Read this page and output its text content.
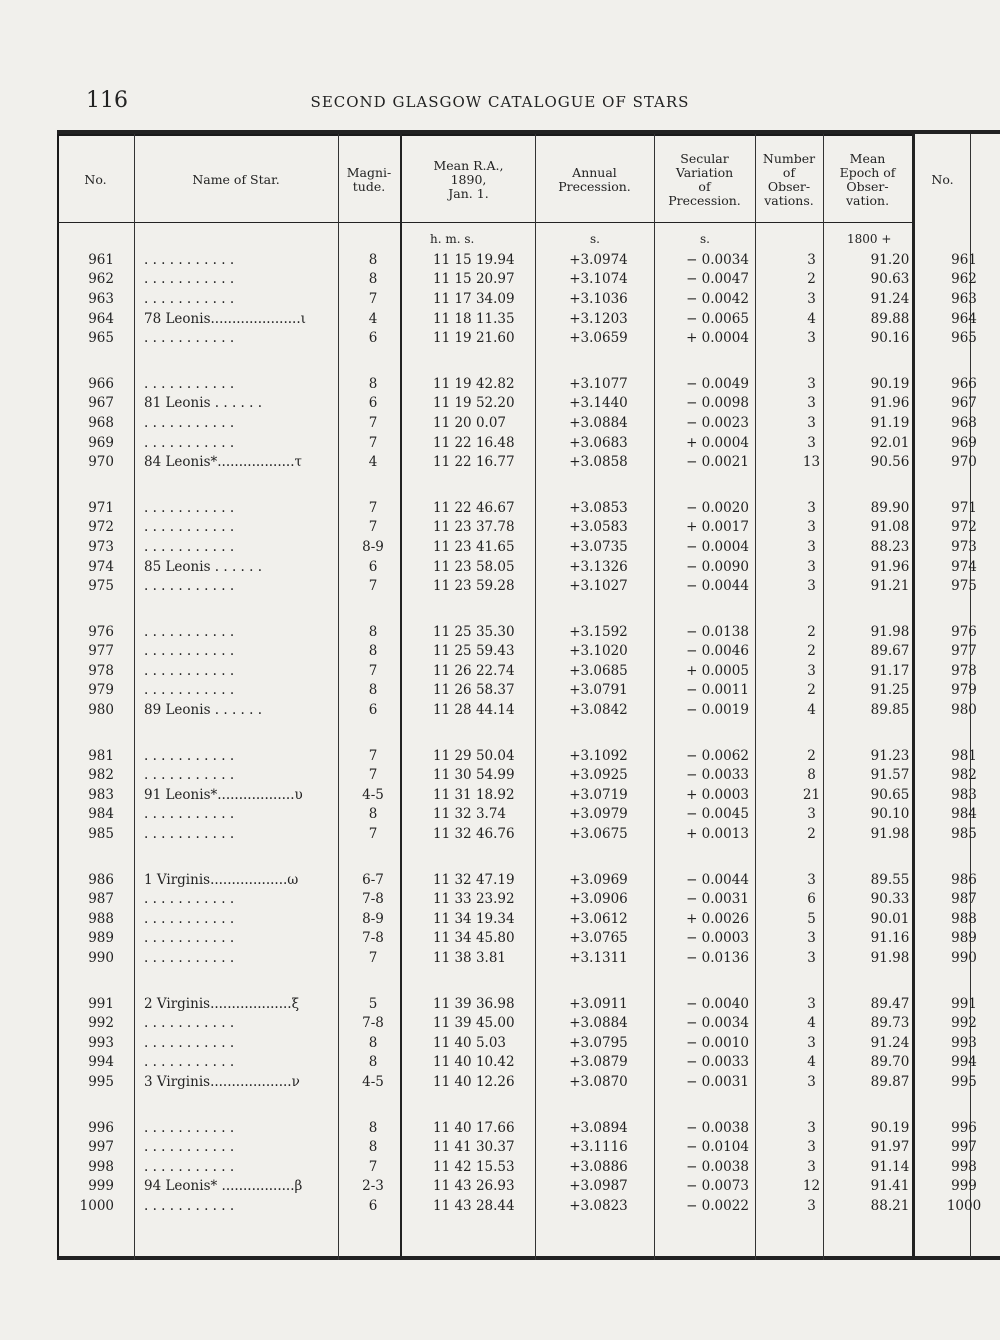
116	SECOND GLASGOW CATALOGUE OF STARS
No.	Name of Star.	Magni-
tude.
Mean R.A.,
1890,
Jan. 1.
Annual
Precession.
Secular
Variation
of
Precession.
Number
of
Obser-
vations.
Mean
Epoch of
Obser-
vation.
No.
h. m. s.	s.	s.	1800 +
961	. . . . . . . . . . .	8	11 15 19.94	+3.0974	− 0.0034	3	91.20	961
962	. . . . . . . . . . .	8	11 15 20.97	+3.1074	− 0.0047	2	90.63	962
963	. . . . . . . . . . .	7	11 17 34.09	+3.1036	− 0.0042	3	91.24	963
964	78 Leonis.....................ι	4	11 18 11.35	+3.1203	− 0.0065	4	89.88	964
965	. . . . . . . . . . .	6	11 19 21.60	+3.0659	+ 0.0004	3	90.16	965

966	. . . . . . . . . . .	8	11 19 42.82	+3.1077	− 0.0049	3	90.19	966
967	81 Leonis . . . . . .	6	11 19 52.20	+3.1440	− 0.0098	3	91.96	967
968	. . . . . . . . . . .	7	11 20 0.07	+3.0884	− 0.0023	3	91.19	968
969	. . . . . . . . . . .	7	11 22 16.48	+3.0683	+ 0.0004	3	92.01	969
970	84 Leonis*..................τ	4	11 22 16.77	+3.0858	− 0.0021	13	90.56	970

971	. . . . . . . . . . .	7	11 22 46.67	+3.0853	− 0.0020	3	89.90	971
972	. . . . . . . . . . .	7	11 23 37.78	+3.0583	+ 0.0017	3	91.08	972
973	. . . . . . . . . . .	8-9	11 23 41.65	+3.0735	− 0.0004	3	88.23	973
974	85 Leonis . . . . . .	6	11 23 58.05	+3.1326	− 0.0090	3	91.96	974
975	. . . . . . . . . . .	7	11 23 59.28	+3.1027	− 0.0044	3	91.21	975

976	. . . . . . . . . . .	8	11 25 35.30	+3.1592	− 0.0138	2	91.98	976
977	. . . . . . . . . . .	8	11 25 59.43	+3.1020	− 0.0046	2	89.67	977
978	. . . . . . . . . . .	7	11 26 22.74	+3.0685	+ 0.0005	3	91.17	978
979	. . . . . . . . . . .	8	11 26 58.37	+3.0791	− 0.0011	2	91.25	979
980	89 Leonis . . . . . .	6	11 28 44.14	+3.0842	− 0.0019	4	89.85	980

981	. . . . . . . . . . .	7	11 29 50.04	+3.1092	− 0.0062	2	91.23	981
982	. . . . . . . . . . .	7	11 30 54.99	+3.0925	− 0.0033	8	91.57	982
983	91 Leonis*..................υ	4-5	11 31 18.92	+3.0719	+ 0.0003	21	90.65	983
984	. . . . . . . . . . .	8	11 32 3.74	+3.0979	− 0.0045	3	90.10	984
985	. . . . . . . . . . .	7	11 32 46.76	+3.0675	+ 0.0013	2	91.98	985

986	1 Virginis..................ω	6-7	11 32 47.19	+3.0969	− 0.0044	3	89.55	986
987	. . . . . . . . . . .	7-8	11 33 23.92	+3.0906	− 0.0031	6	90.33	987
988	. . . . . . . . . . .	8-9	11 34 19.34	+3.0612	+ 0.0026	5	90.01	988
989	. . . . . . . . . . .	7-8	11 34 45.80	+3.0765	− 0.0003	3	91.16	989
990	. . . . . . . . . . .	7	11 38 3.81	+3.1311	− 0.0136	3	91.98	990

991	2 Virginis...................ξ	5	11 39 36.98	+3.0911	− 0.0040	3	89.47	991
992	. . . . . . . . . . .	7-8	11 39 45.00	+3.0884	− 0.0034	4	89.73	992
993	. . . . . . . . . . .	8	11 40 5.03	+3.0795	− 0.0010	3	91.24	993
994	. . . . . . . . . . .	8	11 40 10.42	+3.0879	− 0.0033	4	89.70	994
995	3 Virginis...................ν	4-5	11 40 12.26	+3.0870	− 0.0031	3	89.87	995

996	. . . . . . . . . . .	8	11 40 17.66	+3.0894	− 0.0038	3	90.19	996
997	. . . . . . . . . . .	8	11 41 30.37	+3.1116	− 0.0104	3	91.97	997
998	. . . . . . . . . . .	7	11 42 15.53	+3.0886	− 0.0038	3	91.14	998
999	94 Leonis* .................β	2-3	11 43 26.93	+3.0987	− 0.0073	12	91.41	999
1000	. . . . . . . . . . .	6	11 43 28.44	+3.0823	− 0.0022	3	88.21	1000
